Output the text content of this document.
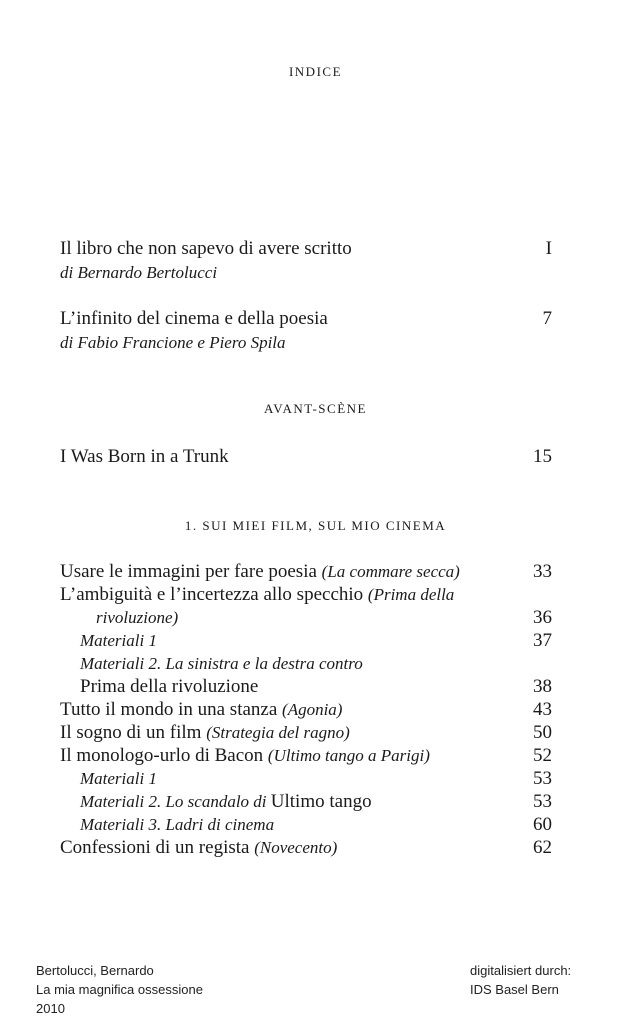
INDICE
Il libro che non sapevo di avere scritto	I
di Bernardo Bertolucci
L’infinito del cinema e della poesia	7
di Fabio Francione e Piero Spila
AVANT-SCÈNE
I Was Born in a Trunk	15
1. SUI MIEI FILM, SUL MIO CINEMA
Usare le immagini per fare poesia (La commare secca)	33
L’ambiguità e l’incertezza allo specchio (Prima della
rivoluzione)	36
Materiali 1	37
Materiali 2. La sinistra e la destra contro
Prima della rivoluzione	38
Tutto il mondo in una stanza (Agonia)	43
Il sogno di un film (Strategia del ragno)	50
Il monologo-urlo di Bacon (Ultimo tango a Parigi)	52
Materiali 1	53
Materiali 2. Lo scandalo di Ultimo tango	53
Materiali 3. Ladri di cinema	60
Confessioni di un regista (Novecento)	62
Bertolucci, Bernardo
La mia magnifica ossessione
2010
digitalisiert durch:
IDS Basel Bern
